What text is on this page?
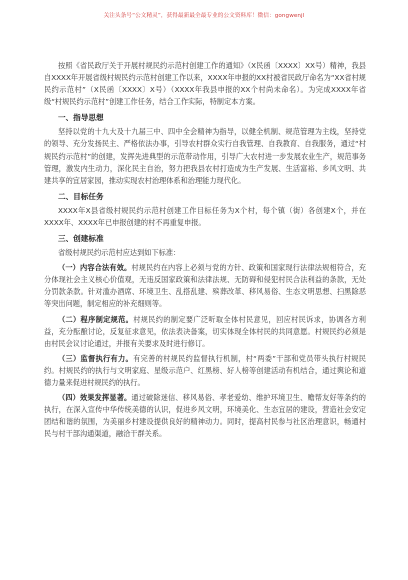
关注头条号“公文精灵”，获得最新最全最专业的公文资料库！微信：gongwenjl

按照《省民政厅关于开展村规民约示范村创建工作的通知》（X民函〔XXXX〕XX号）精神，我县自XXXX年开展省级村规民约示范村创建工作以来，XXXX年申报的XX村被省民政厅命名为“XX省村规民约示范村”（X民函〔XXXX〕X号）（XXXX年我县申报的XX个村尚未命名）。为完成XXXX年省级“村规民约示范村”创建工作任务，结合工作实际，特制定本方案。

一、指导思想

坚持以党的十九大及十九届三中、四中全会精神为指导，以健全机制、规范管理为主线，坚持党的领导、充分发扬民主、严格依法办事，引导农村群众实行自我管理、自我教育、自我服务，通过“村规民约示范村”的创建，发挥先进典型的示范带动作用，引导广大农村进一步发展农业生产，规范事务管理，激发内生动力，深化民主自治，努力把我县农村打造成为生产发展、生活富裕、乡风文明、共建共享的宜居家园，推动实现农村治理体系和治理能力现代化。

二、目标任务

XXXX年X县省级村规民约示范村创建工作目标任务为X个村，每个镇（街）各创建X个，并在XXXX年、XXXX年已申报创建的村不再重复申报。

三、创建标准

省级村规民约示范村应达到如下标准：

（一）内容合法有效。村规民约在内容上必须与党的方针、政策和国家现行法律法规相符合，充分体现社会主义核心价值观，无违反国家政策和法律法规、无防碍和侵犯村民合法利益的条款，无处分罚款条款。针对滥办酒席、环境卫生、乱搭乱建、殡葬改革、移风易俗、生态文明思想、扫黑除恶等突出问题，制定相应的补充细则等。

（二）程序制定规范。村规民约的制定要广泛听取全体村民意见，回应村民诉求，协调各方利益，充分酝酿讨论，反复征求意见，依法表决备案，切实体现全体村民的共同意愿。村规民约必须是由村民会议讨论通过，并报有关要求及时进行修订。

（三）监督执行有力。有完善的村规民约监督执行机制，村“两委”干部和党员带头执行村规民约。村规民约的执行与文明家庭、星级示范户、红黑榜、好人榜等创建活动有机结合，通过舆论和道德力量来促进村规民约的执行。

（四）效果发挥显著。通过破除迷信、移风易俗、孝老爱幼、维护环境卫生、赡帮友好等条约的执行，在深入宣传中华传统美德的认识，促进乡风文明，环境美化、生态宜居的建设，营造社会安定团结和谐的氛围，为美丽乡村建设提供良好的精神动力。同时，提高村民参与社区治理意识，畅通村民与村干部沟通渠道，融洽干群关系。
